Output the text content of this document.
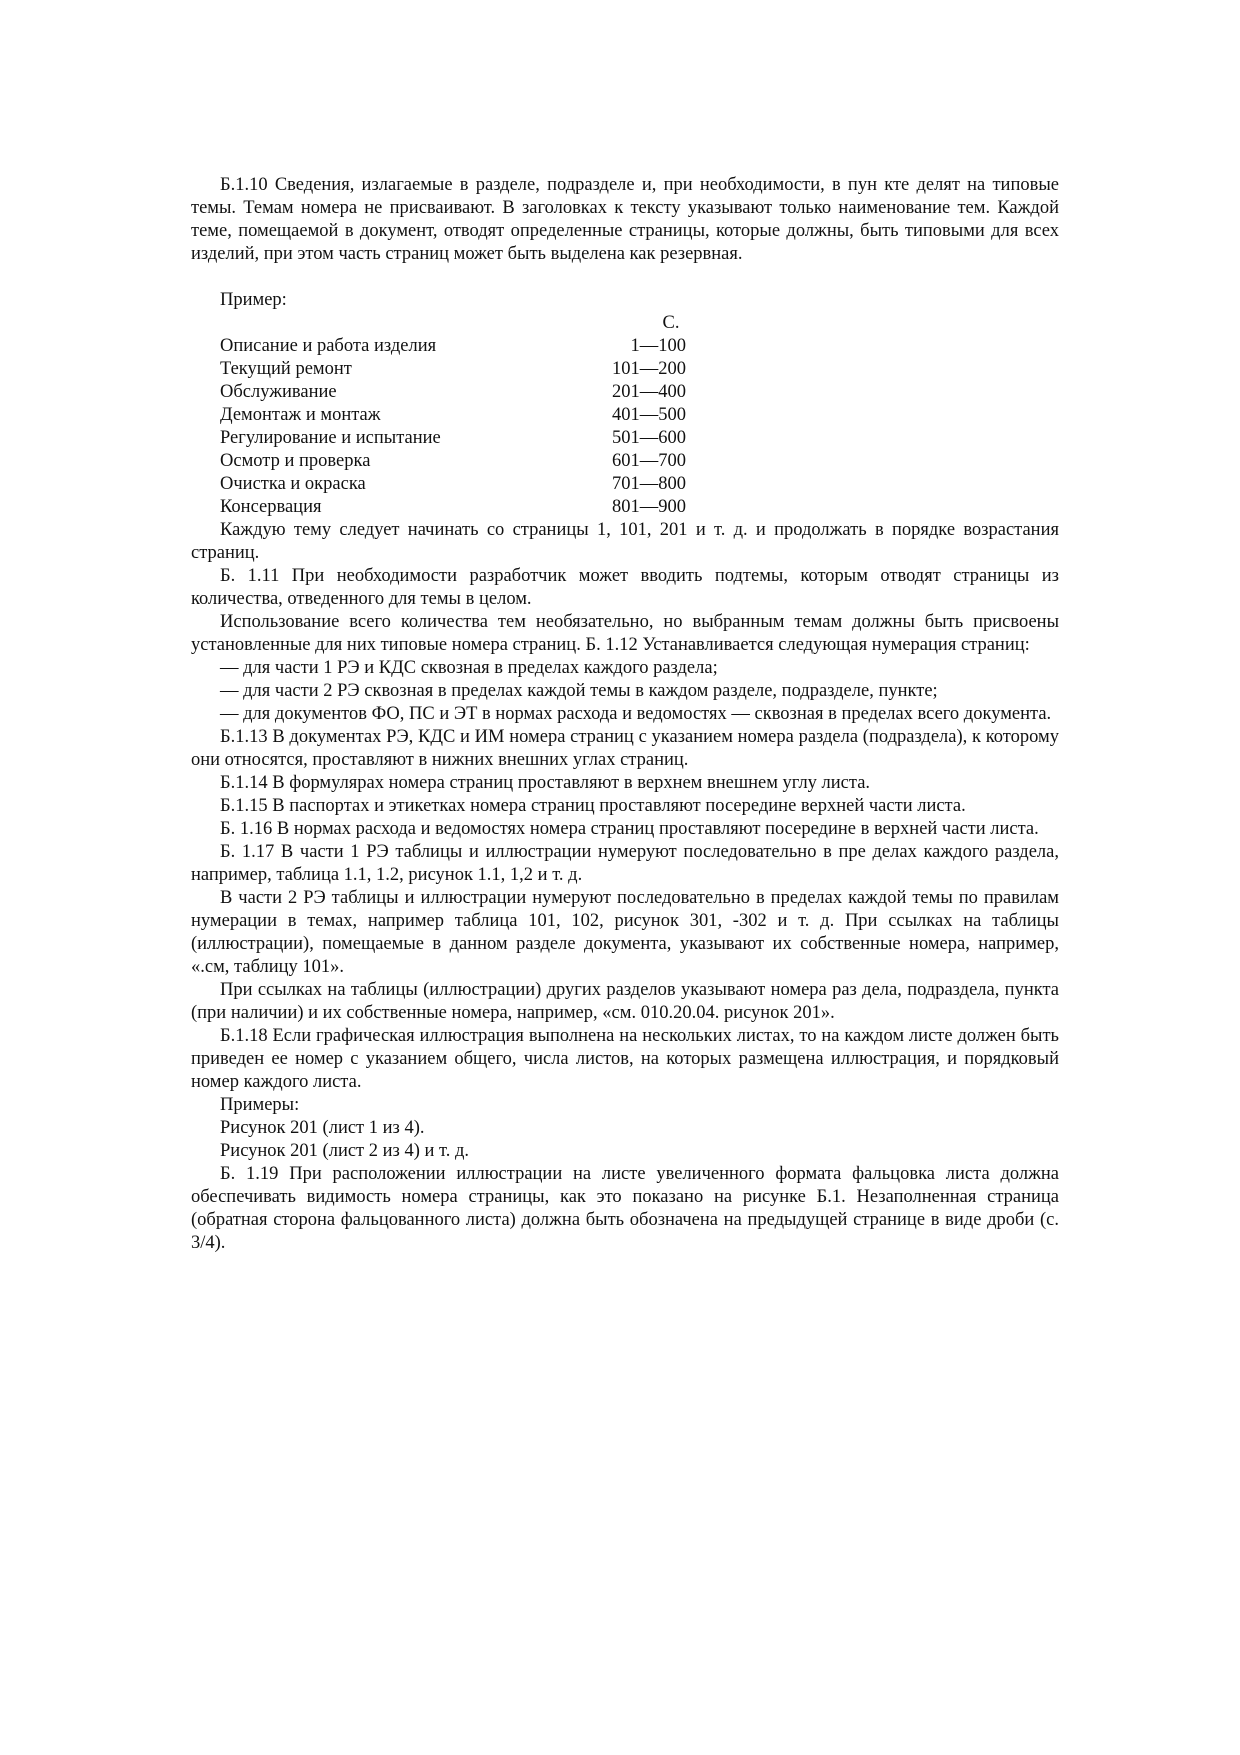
Б.1.10 Сведения, излагаемые в разделе, подразделе и, при необходимости, в пун кте делят на типовые темы. Темам номера не присваивают. В заголовках к тексту указывают только наименование тем. Каждой теме, помещаемой в документ, отводят определенные страницы, которые должны, быть типовыми для всех изделий, при этом часть страниц может быть выделена как резервная.

Пример:

С.
Описание и работа изделия	1—100
Текущий ремонт	101—200
Обслуживание	201—400
Демонтаж и монтаж	401—500
Регулирование и испытание	501—600
Осмотр и проверка	601—700
Очистка и окраска	701—800
Консервация	801—900

Каждую тему следует начинать со страницы 1, 101, 201 и т. д. и продолжать в порядке возрастания страниц.

Б. 1.11 При необходимости разработчик может вводить подтемы, которым отводят страницы из количества, отведенного для темы в целом.

Использование всего количества тем необязательно, но выбранным темам должны быть присвоены установленные для них типовые номера страниц. Б. 1.12 Устанавливается следующая нумерация страниц:

— для части 1 РЭ и КДС сквозная в пределах каждого раздела;

— для части 2 РЭ сквозная в пределах каждой темы в каждом разделе, подразделе, пункте;

— для документов ФО, ПС и ЭТ в нормах расхода и ведомостях — сквозная в пределах всего документа.

Б.1.13 В документах РЭ, КДС и ИМ номера страниц с указанием номера раздела (подраздела), к которому они относятся, проставляют в нижних внешних углах страниц.

Б.1.14 В формулярах номера страниц проставляют в верхнем внешнем углу листа.

Б.1.15 В паспортах и этикетках номера страниц проставляют посередине верхней части листа.

Б. 1.16 В нормах расхода и ведомостях номера страниц проставляют посередине в верхней части листа.

Б. 1.17 В части 1 РЭ таблицы и иллюстрации нумеруют последовательно в пре делах каждого раздела, например, таблица 1.1, 1.2, рисунок 1.1, 1,2 и т. д.

В части 2 РЭ таблицы и иллюстрации нумеруют последовательно в пределах каждой темы по правилам нумерации в темах, например таблица 101, 102, рисунок 301, -302 и т. д. При ссылках на таблицы (иллюстрации), помещаемые в данном разделе документа, указывают их собственные номера, например, «.см, таблицу 101».

При ссылках на таблицы (иллюстрации) других разделов указывают номера раз дела, подраздела, пункта (при наличии) и их собственные номера, например, «см. 010.20.04. рисунок 201».

Б.1.18 Если графическая иллюстрация выполнена на нескольких листах, то на каждом листе должен быть приведен ее номер с указанием общего, числа листов, на которых размещена иллюстрация, и порядковый номер каждого листа.

Примеры:

Рисунок 201 (лист 1 из 4).

Рисунок 201 (лист 2 из 4) и т. д.

Б. 1.19 При расположении иллюстрации на листе увеличенного формата фальцовка листа должна обеспечивать видимость номера страницы, как это показано на рисунке Б.1. Незаполненная страница (обратная сторона фальцованного листа) должна быть обозначена на предыдущей странице в виде дроби (с. 3/4).
